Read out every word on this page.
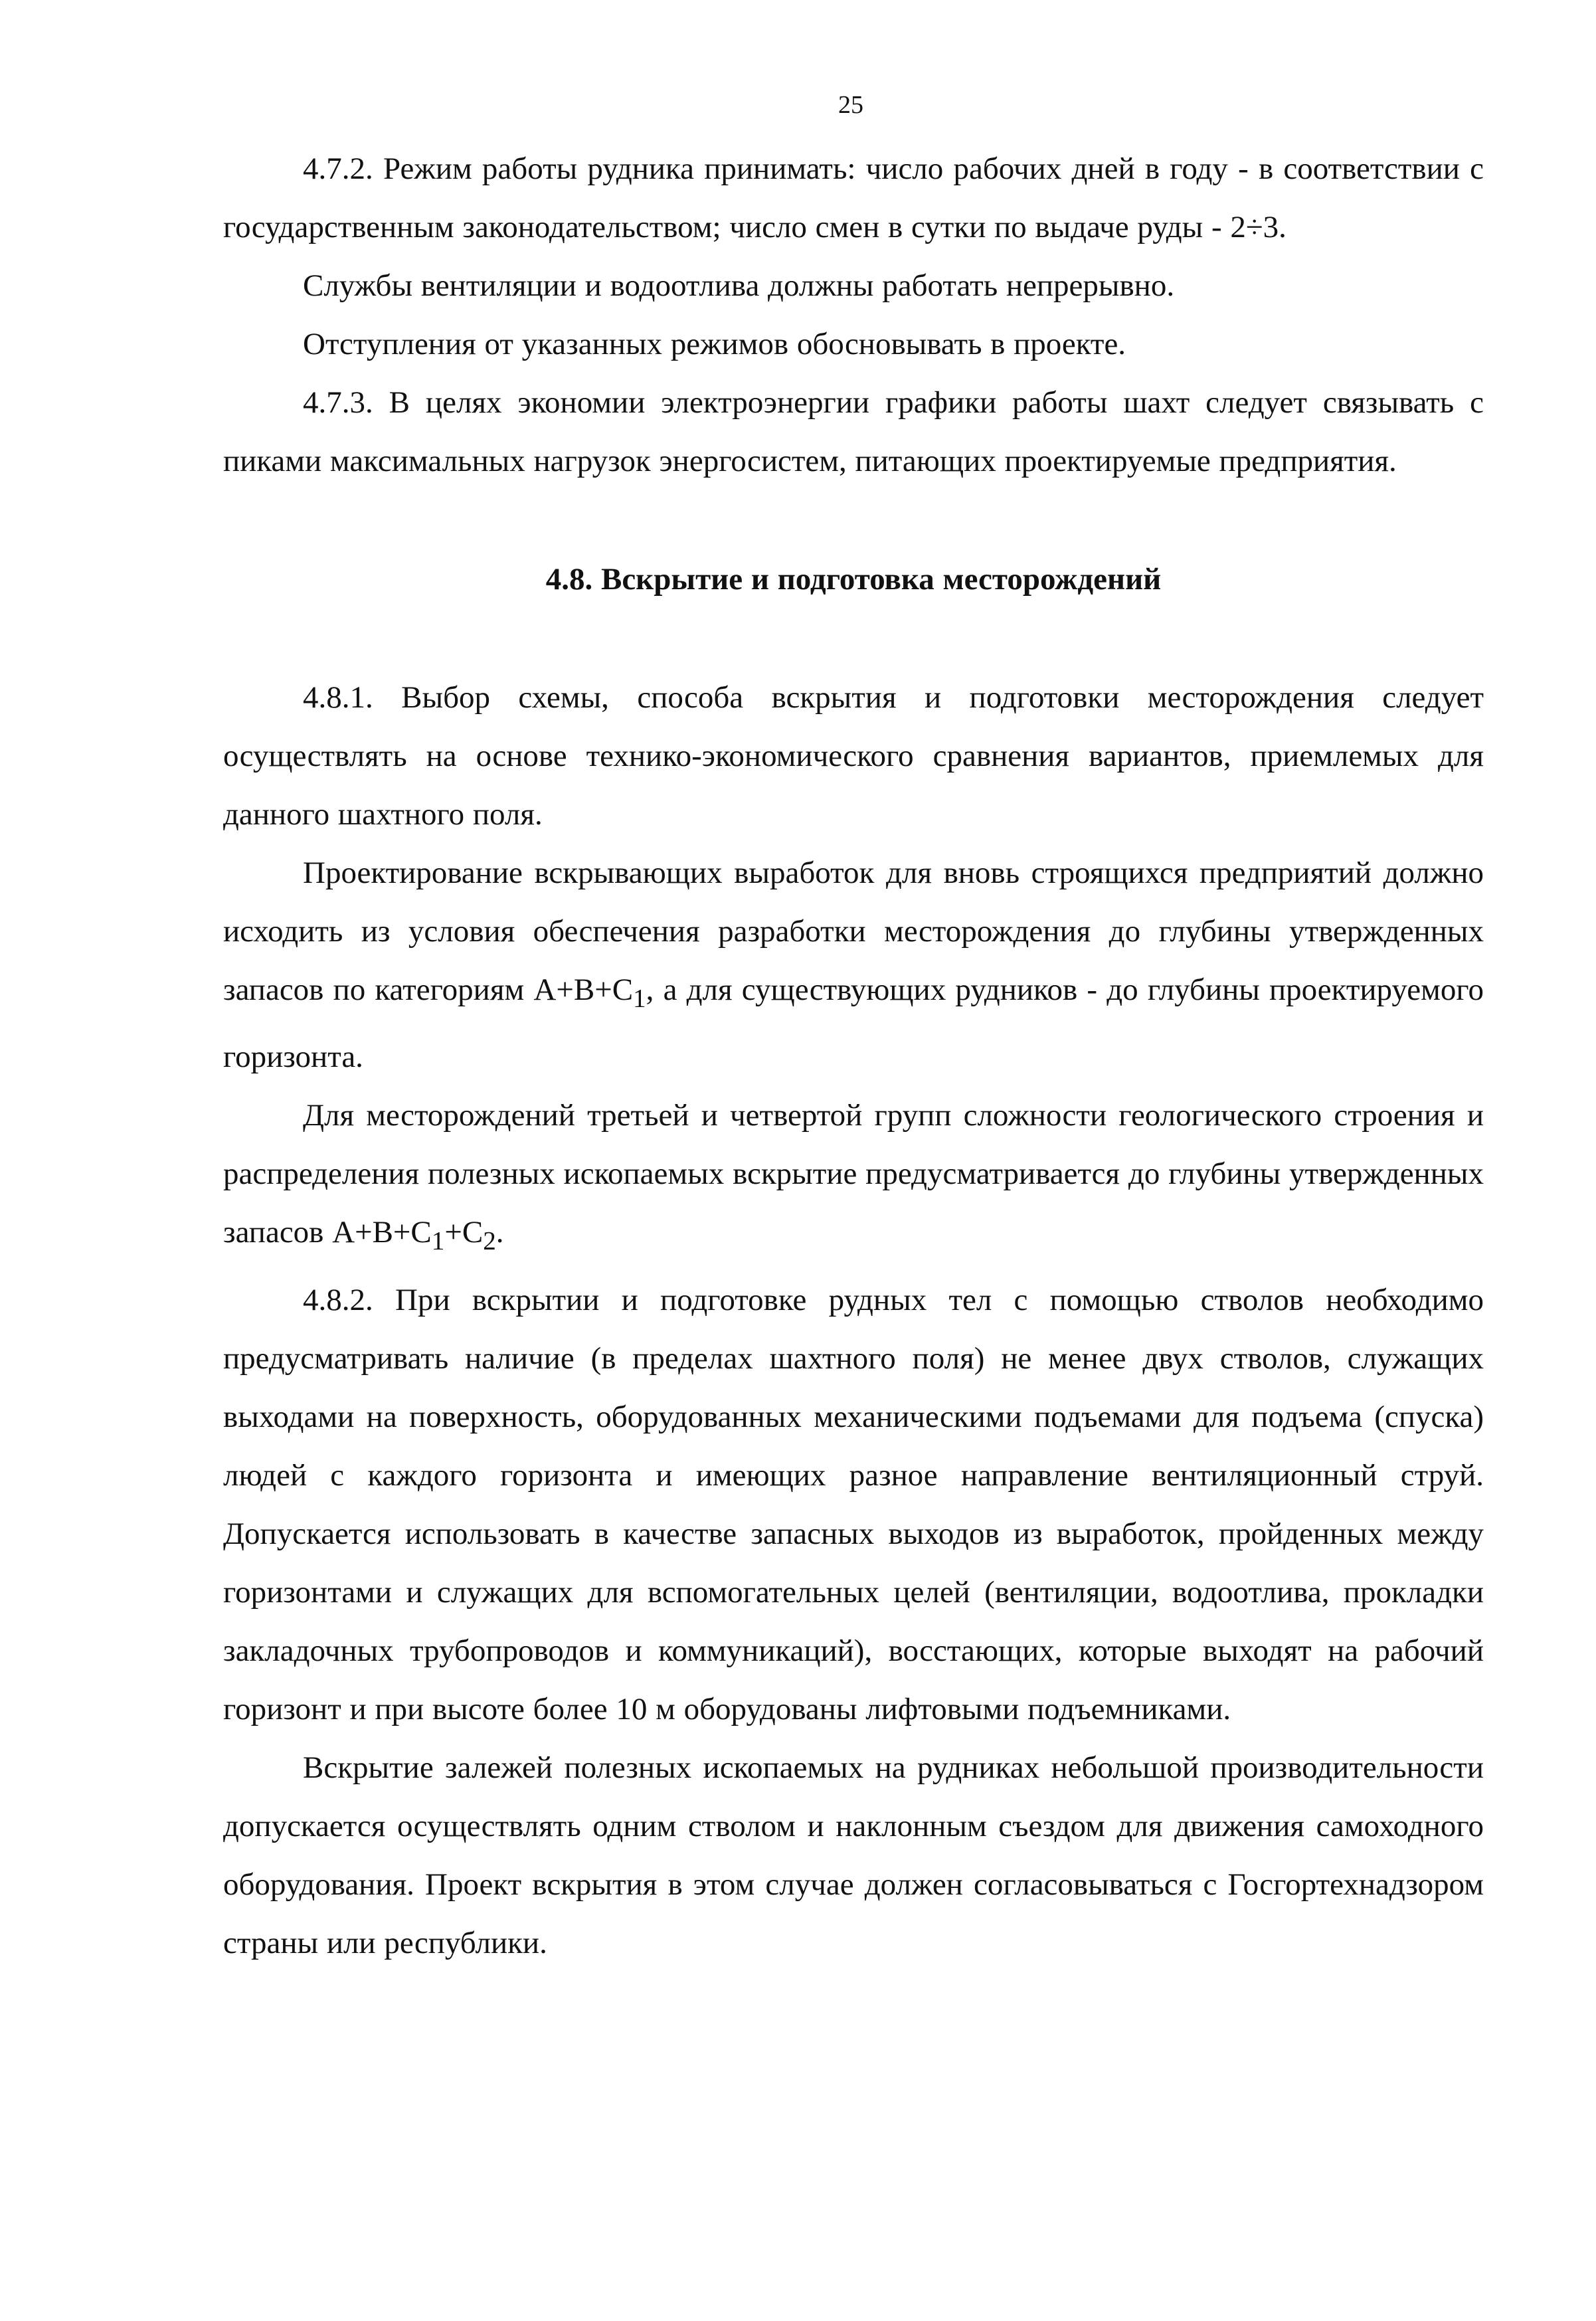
25

4.7.2. Режим работы рудника принимать: число рабочих дней в году - в соответствии с государственным законодательством; число смен в сутки по выдаче руды - 2÷3.

Службы вентиляции и водоотлива должны работать непрерывно.

Отступления от указанных режимов обосновывать в проекте.

4.7.3. В целях экономии электроэнергии графики работы шахт следует связывать с пиками максимальных нагрузок энергосистем, питающих проектируемые предприятия.

4.8. Вскрытие и подготовка месторождений

4.8.1. Выбор схемы, способа вскрытия и подготовки месторождения следует осуществлять на основе технико-экономического сравнения вариантов, приемлемых для данного шахтного поля.

Проектирование вскрывающих выработок для вновь строящихся предприятий должно исходить из условия обеспечения разработки месторождения до глубины утвержденных запасов по категориям $А+В+С_1$, а для существующих рудников - до глубины проектируемого горизонта.

Для месторождений третьей и четвертой групп сложности геологического строения и распределения полезных ископаемых вскрытие предусматривается до глубины утвержденных запасов $А+В+С_1+С_2$.

4.8.2. При вскрытии и подготовке рудных тел с помощью стволов необходимо предусматривать наличие (в пределах шахтного поля) не менее двух стволов, служащих выходами на поверхность, оборудованных механическими подъемами для подъема (спуска) людей с каждого горизонта и имеющих разное направление вентиляционный струй. Допускается использовать в качестве запасных выходов из выработок, пройденных между горизонтами и служащих для вспомогательных целей (вентиляции, водоотлива, прокладки закладочных трубопроводов и коммуникаций), восстающих, которые выходят на рабочий горизонт и при высоте более 10 м оборудованы лифтовыми подъемниками.

Вскрытие залежей полезных ископаемых на рудниках небольшой производительности допускается осуществлять одним стволом и наклонным съездом для движения самоходного оборудования. Проект вскрытия в этом случае должен согласовываться с Госгортехнадзором страны или республики.
